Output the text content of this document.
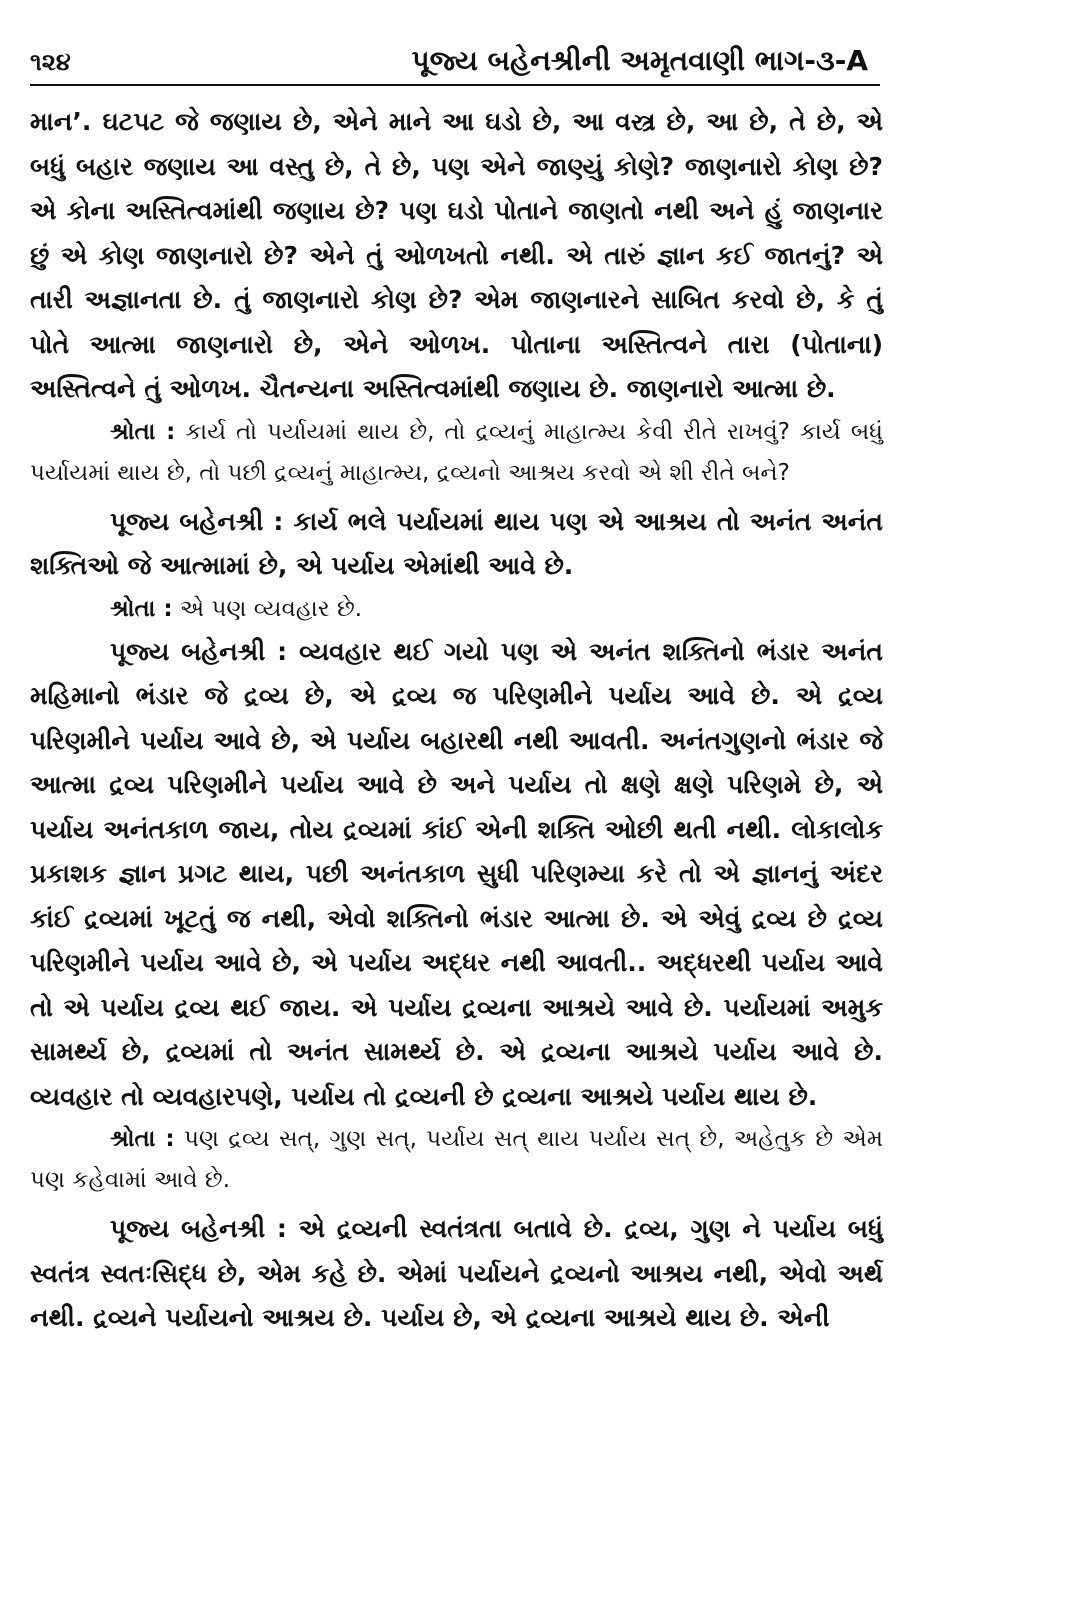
૧૨૪	પૂજ્ય બહેનશ્રીની અમૃતવાણી ભાગ-૩-A

માન’. ઘટપટ જે જણાય છે, એને માને આ ઘડો છે, આ વસ્ત્ર છે, આ છે, તે છે, એ બધું બહાર જણાય આ વસ્તુ છે, તે છે, પણ એને જાણ્યું કોણે? જાણનારો કોણ છે? એ કોના અસ્તિત્વમાંથી જણાય છે? પણ ઘડો પોતાને જાણતો નથી અને હું જાણનાર છું એ કોણ જાણનારો છે? એને તું ઓળખતો નથી. એ તારું જ્ઞાન કઈ જાતનું? એ તારી અજ્ઞાનતા છે. તું જાણનારો કોણ છે? એમ જાણનારને સાબિત કરવો છે, કે તું પોતે આત્મા જાણનારો છે, એને ઓળખ. પોતાના અસ્તિત્વને તારા (પોતાના) અસ્તિત્વને તું ઓળખ. ચૈતન્યના અસ્તિત્વમાંથી જણાય છે. જાણનારો આત્મા છે.

શ્રોતા : કાર્ય તો પર્યાયમાં થાય છે, તો દ્રવ્યનું માહાત્મ્ય કેવી રીતે રાખવું? કાર્ય બધું પર્યાયમાં થાય છે, તો પછી દ્રવ્યનું માહાત્મ્ય, દ્રવ્યનો આશ્રય કરવો એ શી રીતે બને?

પૂજ્ય બહેનશ્રી : કાર્ય ભલે પર્યાયમાં થાય પણ એ આશ્રય તો અનંત અનંત શક્તિઓ જે આત્મામાં છે, એ પર્યાય એમાંથી આવે છે.

શ્રોતા : એ પણ વ્યવહાર છે.

પૂજ્ય બહેનશ્રી : વ્યવહાર થઈ ગયો પણ એ અનંત શક્તિનો ભંડાર અનંત મહિમાનો ભંડાર જે દ્રવ્ય છે, એ દ્રવ્ય જ પરિણમીને પર્યાય આવે છે. એ દ્રવ્ય પરિણમીને પર્યાય આવે છે, એ પર્યાય બહારથી નથી આવતી. અનંતગુણનો ભંડાર જે આત્મા દ્રવ્ય પરિણમીને પર્યાય આવે છે અને પર્યાય તો ક્ષણે ક્ષણે પરિણમે છે, એ પર્યાય અનંતકાળ જાય, તોય દ્રવ્યમાં કાંઈ એની શક્તિ ઓછી થતી નથી. લોકાલોક પ્રકાશક જ્ઞાન પ્રગટ થાય, પછી અનંતકાળ સુધી પરિણમ્યા કરે તો એ જ્ઞાનનું અંદર કાંઈ દ્રવ્યમાં ખૂટતું જ નથી, એવો શક્તિનો ભંડાર આત્મા છે. એ એવું દ્રવ્ય છે દ્રવ્ય પરિણમીને પર્યાય આવે છે, એ પર્યાય અદ્ધર નથી આવતી.. અદ્ધરથી પર્યાય આવે તો એ પર્યાય દ્રવ્ય થઈ જાય. એ પર્યાય દ્રવ્યના આશ્રયે આવે છે. પર્યાયમાં અમુક સામર્થ્ય છે, દ્રવ્યમાં તો અનંત સામર્થ્ય છે. એ દ્રવ્યના આશ્રયે પર્યાય આવે છે. વ્યવહાર તો વ્યવહારપણે, પર્યાય તો દ્રવ્યની છે દ્રવ્યના આશ્રયે પર્યાય થાય છે.

શ્રોતા : પણ દ્રવ્ય સત્, ગુણ સત્, પર્યાય સત્ થાય પર્યાય સત્ છે, અહેતુક છે એમ પણ કહેવામાં આવે છે.

પૂજ્ય બહેનશ્રી : એ દ્રવ્યની સ્વતંત્રતા બતાવે છે. દ્રવ્ય, ગુણ ને પર્યાય બધું સ્વતંત્ર સ્વતઃસિદ્ધ છે, એમ કહે છે. એમાં પર્યાયને દ્રવ્યનો આશ્રય નથી, એવો અર્થ નથી. દ્રવ્યને પર્યાયનો આશ્રય છે. પર્યાય છે, એ દ્રવ્યના આશ્રયે થાય છે. એની
